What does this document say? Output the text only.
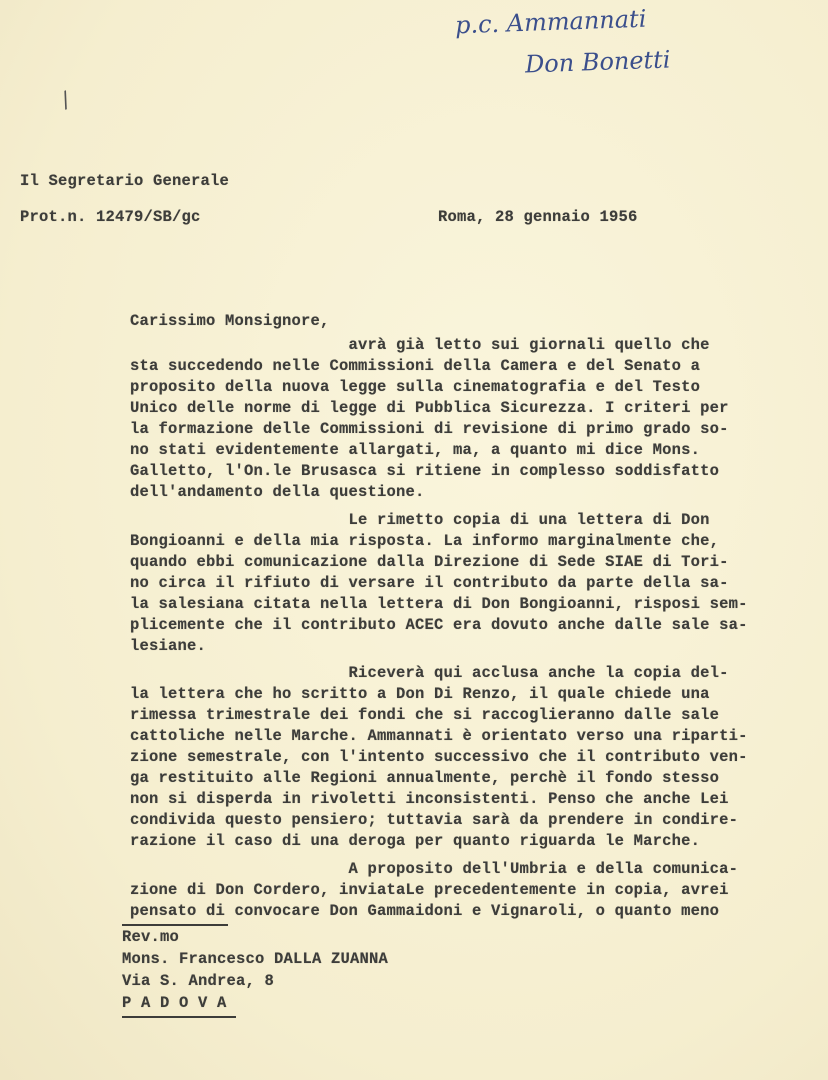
p.c. Ammannati
Don Bonetti
/
Il Segretario Generale
Prot.n. 12479/SB/gc	Roma, 28 gennaio 1956
Carissimo Monsignore,
avrà già letto sui giornali quello che
sta succedendo nelle Commissioni della Camera e del Senato a
proposito della nuova legge sulla cinematografia e del Testo
Unico delle norme di legge di Pubblica Sicurezza. I criteri per
la formazione delle Commissioni di revisione di primo grado so-
no stati evidentemente allargati, ma, a quanto mi dice Mons.
Galletto, l'On.le Brusasca si ritiene in complesso soddisfatto
dell'andamento della questione.
Le rimetto copia di una lettera di Don
Bongioanni e della mia risposta. La informo marginalmente che,
quando ebbi comunicazione dalla Direzione di Sede SIAE di Tori-
no circa il rifiuto di versare il contributo da parte della sa-
la salesiana citata nella lettera di Don Bongioanni, risposi sem-
plicemente che il contributo ACEC era dovuto anche dalle sale sa-
lesiane.
Riceverà qui acclusa anche la copia del-
la lettera che ho scritto a Don Di Renzo, il quale chiede una
rimessa trimestrale dei fondi che si raccoglieranno dalle sale
cattoliche nelle Marche. Ammannati è orientato verso una riparti-
zione semestrale, con l'intento successivo che il contributo ven-
ga restituito alle Regioni annualmente, perchè il fondo stesso
non si disperda in rivoletti inconsistenti. Penso che anche Lei
condivida questo pensiero; tuttavia sarà da prendere in condire-
razione il caso di una deroga per quanto riguarda le Marche.
A proposito dell'Umbria e della comunica-
zione di Don Cordero, inviataLe precedentemente in copia, avrei
pensato di convocare Don Gammaidoni e Vignaroli, o quanto meno
Rev.mo
Mons. Francesco DALLA ZUANNA
Via S. Andrea, 8
P A D O V A
